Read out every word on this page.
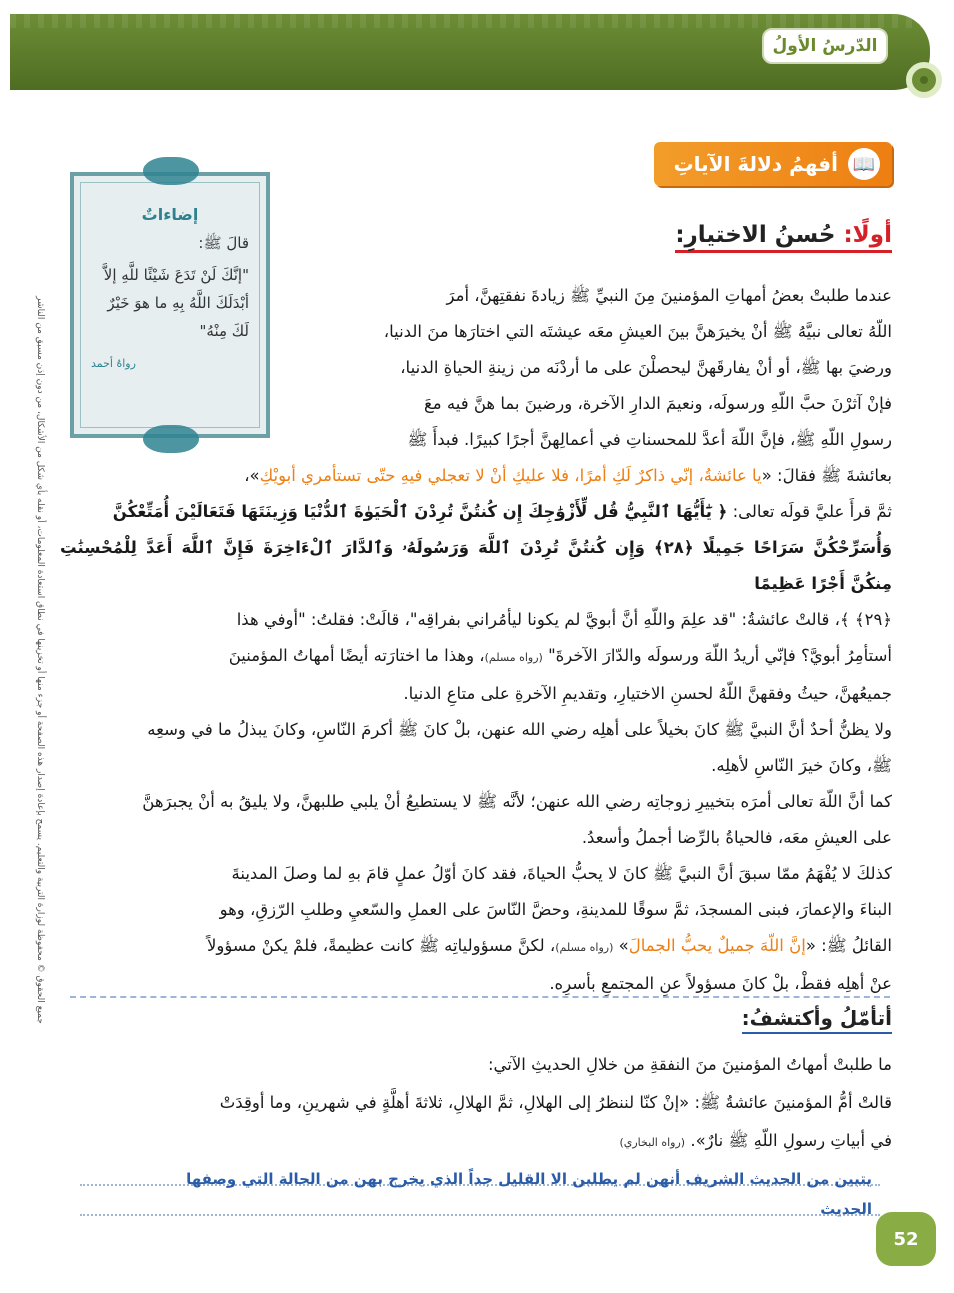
الدّرسُ الأولُ
جميع الحقوق © محفوظة لوزارة التربية والتعليم. يسمح بإعادة إصدار هذه الصفحة أو جزء منها أو تخزينها في نطاق استعادة المعلومات، أو نقله بأي شكل من الأشكال، من دون إذن مسبق من الناشر
📖
أفهمُ دلالةَ الآياتِ
أولًا: حُسنُ الاختيارِ:
إضاءاتٌ
قالَ ﷺ:
"إنَّكَ لَنْ تَدَعَ شَيْئًا للَّهِ إلاَّ أبْدَلَكَ اللَّهُ بِهِ ما هوَ خَيْرٌ لَكَ مِنْهُ"
رواهُ أحمد
عندما طلبتْ بعضُ أمهاتِ المؤمنينَ مِنَ النبيِّ ﷺ زيادةَ نفقتِهنَّ، أمرَ
اللّهُ تعالى نبيَّهُ ﷺ أنْ يخيرَهنَّ بينَ العيشِ معَه عيشتَه التي اختارَها منَ الدنيا،
ورضيَ بها ﷺ، أو أنْ يفارقَهنَّ ليحصلْنَ على ما أردْنَه من زينةِ الحياةِ الدنيا،
فإنْ آثرْنَ حبَّ اللّهِ ورسولَه، ونعيمَ الدارِ الآخرة، ورضينَ بما هنَّ فيه معَ
رسولِ اللّهِ ﷺ، فإنَّ اللّهَ أعدَّ للمحسناتِ في أعمالِهنَّ أجرًا كبيرًا. فبدأَ ﷺ
بعائشةَ ﷺ فقالَ: «يا عائشةُ، إنّي ذاكرٌ لَكِ أمرًا، فلا عليكِ أنْ لا تعجلي فيهِ حتّى تستأمري أبويْكِ»،
ثمَّ قرأَ عليَّ قولَه تعالى: ﴿ يَٰٓأَيُّهَا ٱلنَّبِيُّ قُل لِّأَزْوَٰجِكَ إِن كُنتُنَّ تُرِدْنَ ٱلْحَيَوٰةَ ٱلدُّنْيَا وَزِينَتَهَا فَتَعَالَيْنَ أُمَتِّعْكُنَّ
وَأُسَرِّحْكُنَّ سَرَاحًا جَمِيلًا ﴿٢٨﴾ وَإِن كُنتُنَّ تُرِدْنَ ٱللَّهَ وَرَسُولَهُۥ وَٱلدَّارَ ٱلْءَاخِرَةَ فَإِنَّ ٱللَّهَ أَعَدَّ لِلْمُحْسِنَٰتِ مِنكُنَّ أَجْرًا عَظِيمًا
﴿٢٩﴾ ﴾، قالتْ عائشةُ: "قد علِمَ واللّهِ أنَّ أبويَّ لم يكونا ليأمُراني بفراقِه"، قالَتْ: فقلتُ: "أوفي هذا
أستأمِرُ أبويَّ؟ فإنّي أريدُ اللّهَ ورسولَه والدّارَ الآخرةَ" (رواه مسلم)، وهذا ما اختارَته أيضًا أمهاتُ المؤمنينَ
جميعُهنَّ، حيثُ وفقهنَّ اللّهُ لحسنِ الاختيارِ، وتقديمِ الآخرةِ على متاعِ الدنيا.
ولا يظنُّ أحدٌ أنَّ النبيَّ ﷺ كانَ بخيلاً على أهلِه رضي الله عنهن، بلْ كانَ ﷺ أكرمَ النّاسِ، وكانَ يبذلُ ما في وسعِه
ﷺ، وكانَ خيرَ النّاسِ لأهلِه.
كما أنَّ اللّهَ تعالى أمرَه بتخييرِ زوجاتِه رضي الله عنهن؛ لأنَّه ﷺ لا يستطيعُ أنْ يلبي طلبهنَّ، ولا يليقُ به أنْ يجبرَهنَّ
على العيشِ معَه، فالحياةُ بالرِّضا أجملُ وأسعدُ.
كذلكَ لا يُفْهَمُ ممّا سبقَ أنَّ النبيَّ ﷺ كانَ لا يحبُّ الحياةَ، فقد كانَ أوّلُ عملٍ قامَ بهِ لما وصلَ المدينةَ
البناءَ والإعمارَ، فبنى المسجدَ، ثمَّ سوقًا للمدينةِ، وحضَّ النّاسَ على العملِ والسّعيِ وطلبِ الرّزقِ، وهو
القائلُ ﷺ: «إنَّ اللّهَ جميلٌ يحبُّ الجمالَ» (رواه مسلم)، لكنَّ مسؤولياتِه ﷺ كانت عظيمةً، فلمْ يكنْ مسؤولاً
عنْ أهلِه فقطْ، بلْ كانَ مسؤولاً عنِ المجتمعِ بأسرِه.
أتأمّلُ وأكتشفُ:
ما طلبتْ أمهاتُ المؤمنينَ منَ النفقةِ من خلالِ الحديثِ الآتي:
قالتْ أمُّ المؤمنينَ عائشةُ ﷺ: «إنْ كنّا لننظرُ إلى الهلالِ، ثمَّ الهلالِ، ثلاثةَ أهلَّةٍ في شهرينِ، وما أوقِدَتْ
في أبياتِ رسولِ اللّهِ ﷺ نارٌ». (رواه البخاري)
يتبين من الحديث الشريف أنهن لم يطلبن الا القليل جداً الذي يخرج بهن من الحالة التي وصفها
الحديث
52
